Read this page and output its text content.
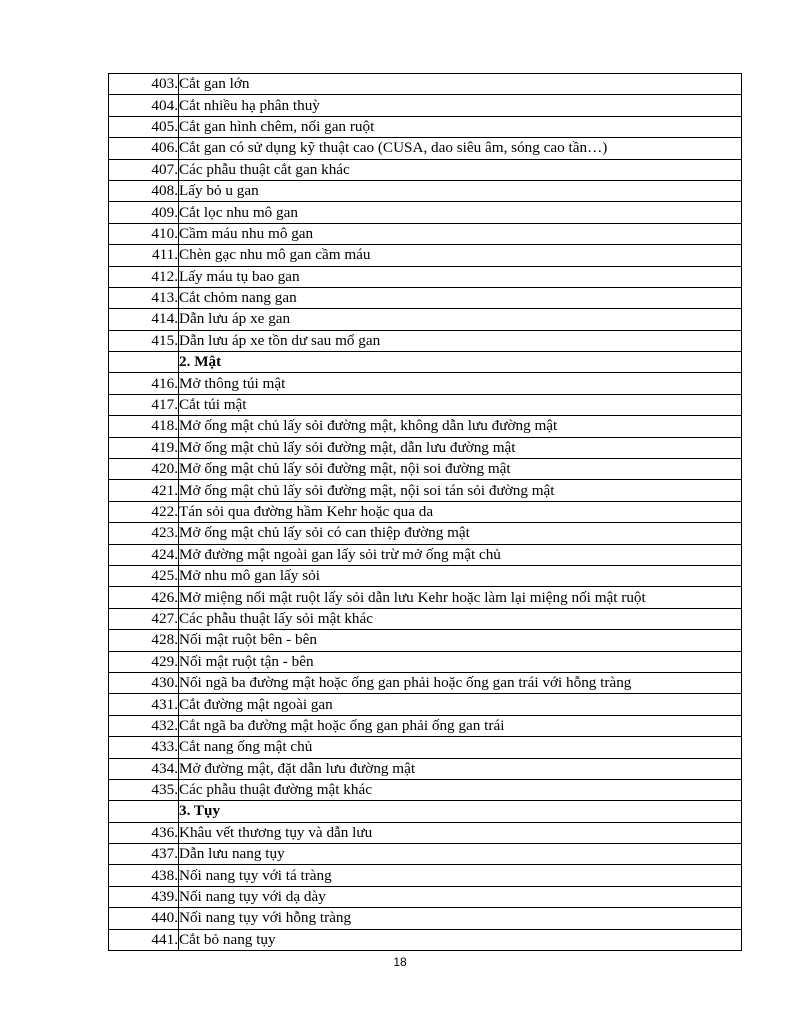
403.	Cắt gan lớn
404.	Cắt nhiều hạ phân thuỳ
405.	Cắt gan hình chêm, nối gan ruột
406.	Cắt gan có sử dụng kỹ thuật cao (CUSA, dao siêu âm, sóng cao tần…)
407.	Các phẫu thuật cắt gan khác
408.	Lấy bỏ u gan
409.	Cắt lọc nhu mô gan
410.	Cầm máu nhu mô gan
411.	Chèn gạc nhu mô gan cầm máu
412.	Lấy máu tụ bao gan
413.	Cắt chỏm nang gan
414.	Dẫn lưu áp xe gan
415.	Dẫn lưu áp xe tồn dư sau mổ gan
	2. Mật
416.	Mở thông túi mật
417.	Cắt túi mật
418.	Mở ống mật chủ lấy sỏi đường mật, không dẫn lưu đường mật
419.	Mở ống mật chủ lấy sỏi đường mật, dẫn lưu đường mật
420.	Mở ống mật chủ lấy sỏi đường mật, nội soi đường mật
421.	Mở ống mật chủ lấy sỏi đường mật, nội soi tán sỏi đường mật
422.	Tán sỏi qua đường hầm Kehr hoặc qua da
423.	Mở ống mật chủ lấy sỏi có can thiệp đường mật
424.	Mở đường mật ngoài gan lấy sỏi trừ mở ống mật chủ
425.	Mở nhu mô gan lấy sỏi
426.	Mở miệng nối mật ruột lấy sỏi dẫn lưu Kehr hoặc làm lại miệng nối mật ruột
427.	Các phẫu thuật lấy sỏi mật khác
428.	Nối mật ruột bên - bên
429.	Nối mật ruột tận - bên
430.	Nối ngã ba đường mật hoặc ống gan phải hoặc ống gan trái với hỗng tràng
431.	Cắt đường mật ngoài gan
432.	Cắt ngã ba đường mật hoặc ống gan phải ống gan trái
433.	Cắt nang ống mật chủ
434.	Mở đường mật, đặt dẫn lưu đường mật
435.	Các phẫu thuật đường mật khác
	3. Tụy
436.	Khâu vết thương tụy và dẫn lưu
437.	Dẫn lưu nang tụy
438.	Nối nang tụy với tá tràng
439.	Nối nang tụy với dạ dày
440.	Nối nang tụy với hỗng tràng
441.	Cắt bỏ nang tụy
18
